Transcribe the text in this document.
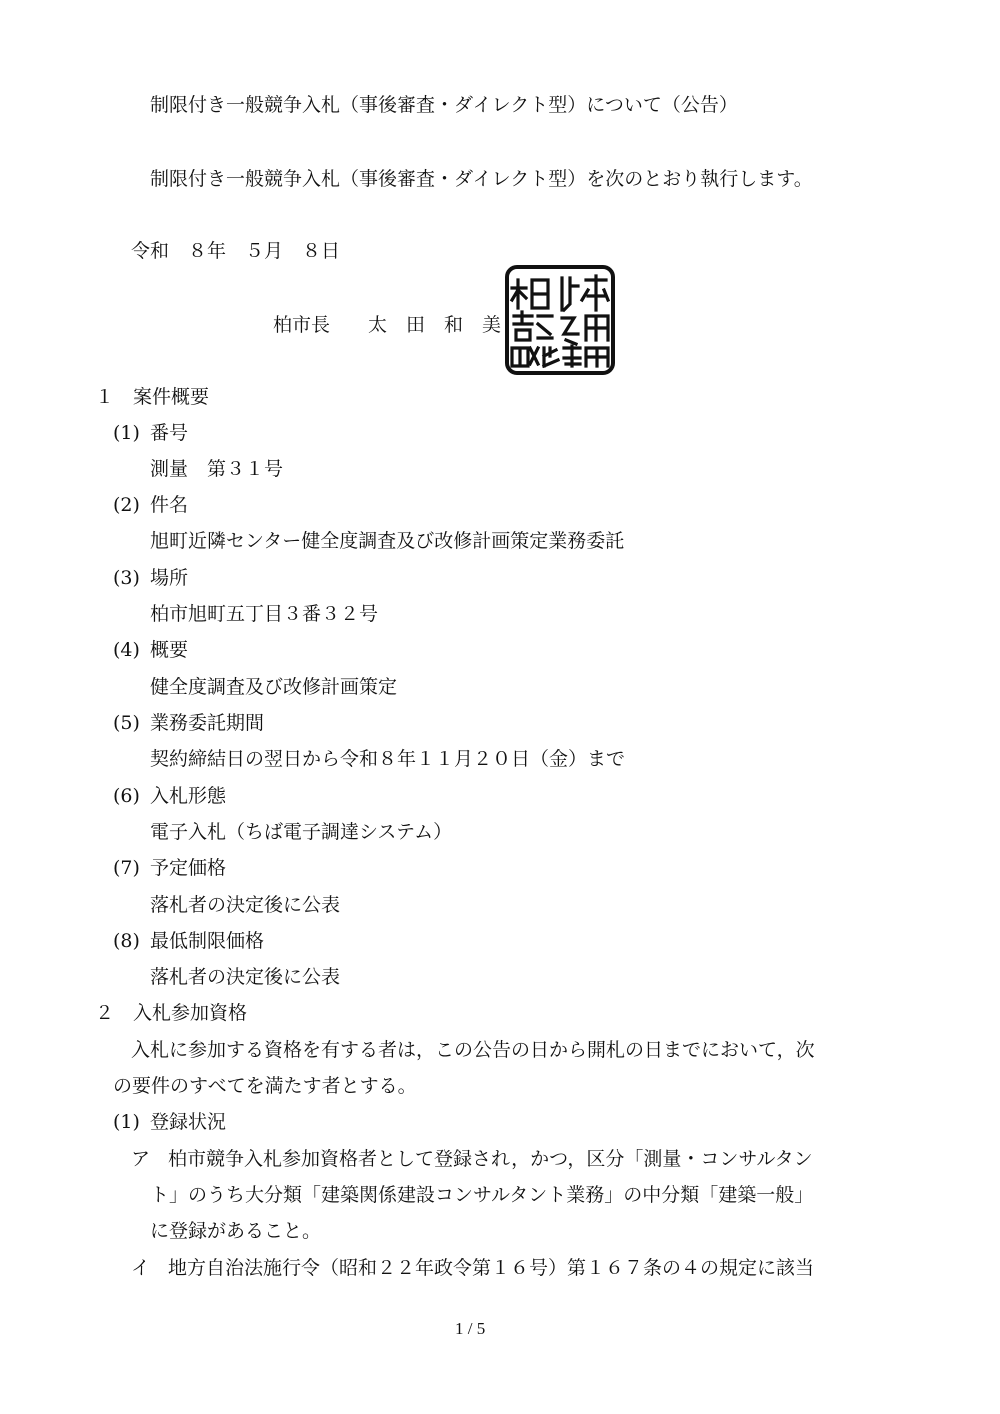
制限付き一般競争入札（事後審査・ダイレクト型）について（公告）
制限付き一般競争入札（事後審査・ダイレクト型）を次のとおり執行します。
令和　８年　５月　８日
柏市長　　太　田　和　美
１　案件概要
(1) 番号
測量　第３１号
(2) 件名
旭町近隣センター健全度調査及び改修計画策定業務委託
(3) 場所
柏市旭町五丁目３番３２号
(4) 概要
健全度調査及び改修計画策定
(5) 業務委託期間
契約締結日の翌日から令和８年１１月２０日（金）まで
(6) 入札形態
電子入札（ちば電子調達システム）
(7) 予定価格
落札者の決定後に公表
(8) 最低制限価格
落札者の決定後に公表
２　入札参加資格
入札に参加する資格を有する者は，この公告の日から開札の日までにおいて，次
の要件のすべてを満たす者とする。
(1) 登録状況
ア 柏市競争入札参加資格者として登録され，かつ，区分「測量・コンサルタン
ト」のうち大分類「建築関係建設コンサルタント業務」の中分類「建築一般」
に登録があること。
イ 地方自治法施行令（昭和２２年政令第１６号）第１６７条の４の規定に該当
1 / 5
